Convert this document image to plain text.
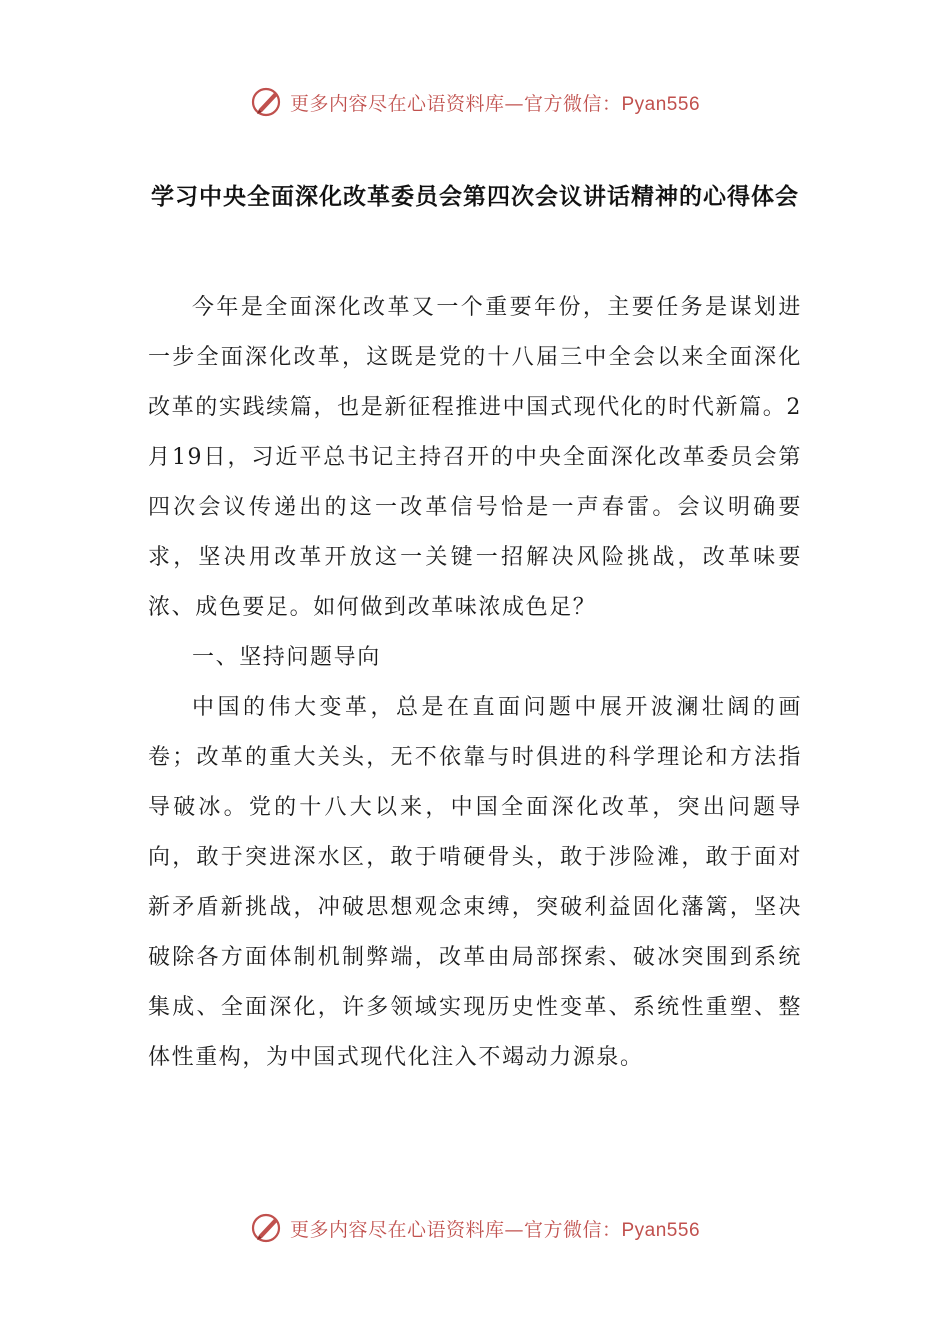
更多内容尽在心语资料库—官方微信：Pyan556
学习中央全面深化改革委员会第四次会议讲话精神的心得体会

今年是全面深化改革又一个重要年份，主要任务是谋划进一步全面深化改革，这既是党的十八届三中全会以来全面深化改革的实践续篇，也是新征程推进中国式现代化的时代新篇。2月19日，习近平总书记主持召开的中央全面深化改革委员会第四次会议传递出的这一改革信号恰是一声春雷。会议明确要求，坚决用改革开放这一关键一招解决风险挑战，改革味要浓、成色要足。如何做到改革味浓成色足？

一、坚持问题导向

中国的伟大变革，总是在直面问题中展开波澜壮阔的画卷；改革的重大关头，无不依靠与时俱进的科学理论和方法指导破冰。党的十八大以来，中国全面深化改革，突出问题导向，敢于突进深水区，敢于啃硬骨头，敢于涉险滩，敢于面对新矛盾新挑战，冲破思想观念束缚，突破利益固化藩篱，坚决破除各方面体制机制弊端，改革由局部探索、破冰突围到系统集成、全面深化，许多领域实现历史性变革、系统性重塑、整体性重构，为中国式现代化注入不竭动力源泉。

更多内容尽在心语资料库—官方微信：Pyan556
